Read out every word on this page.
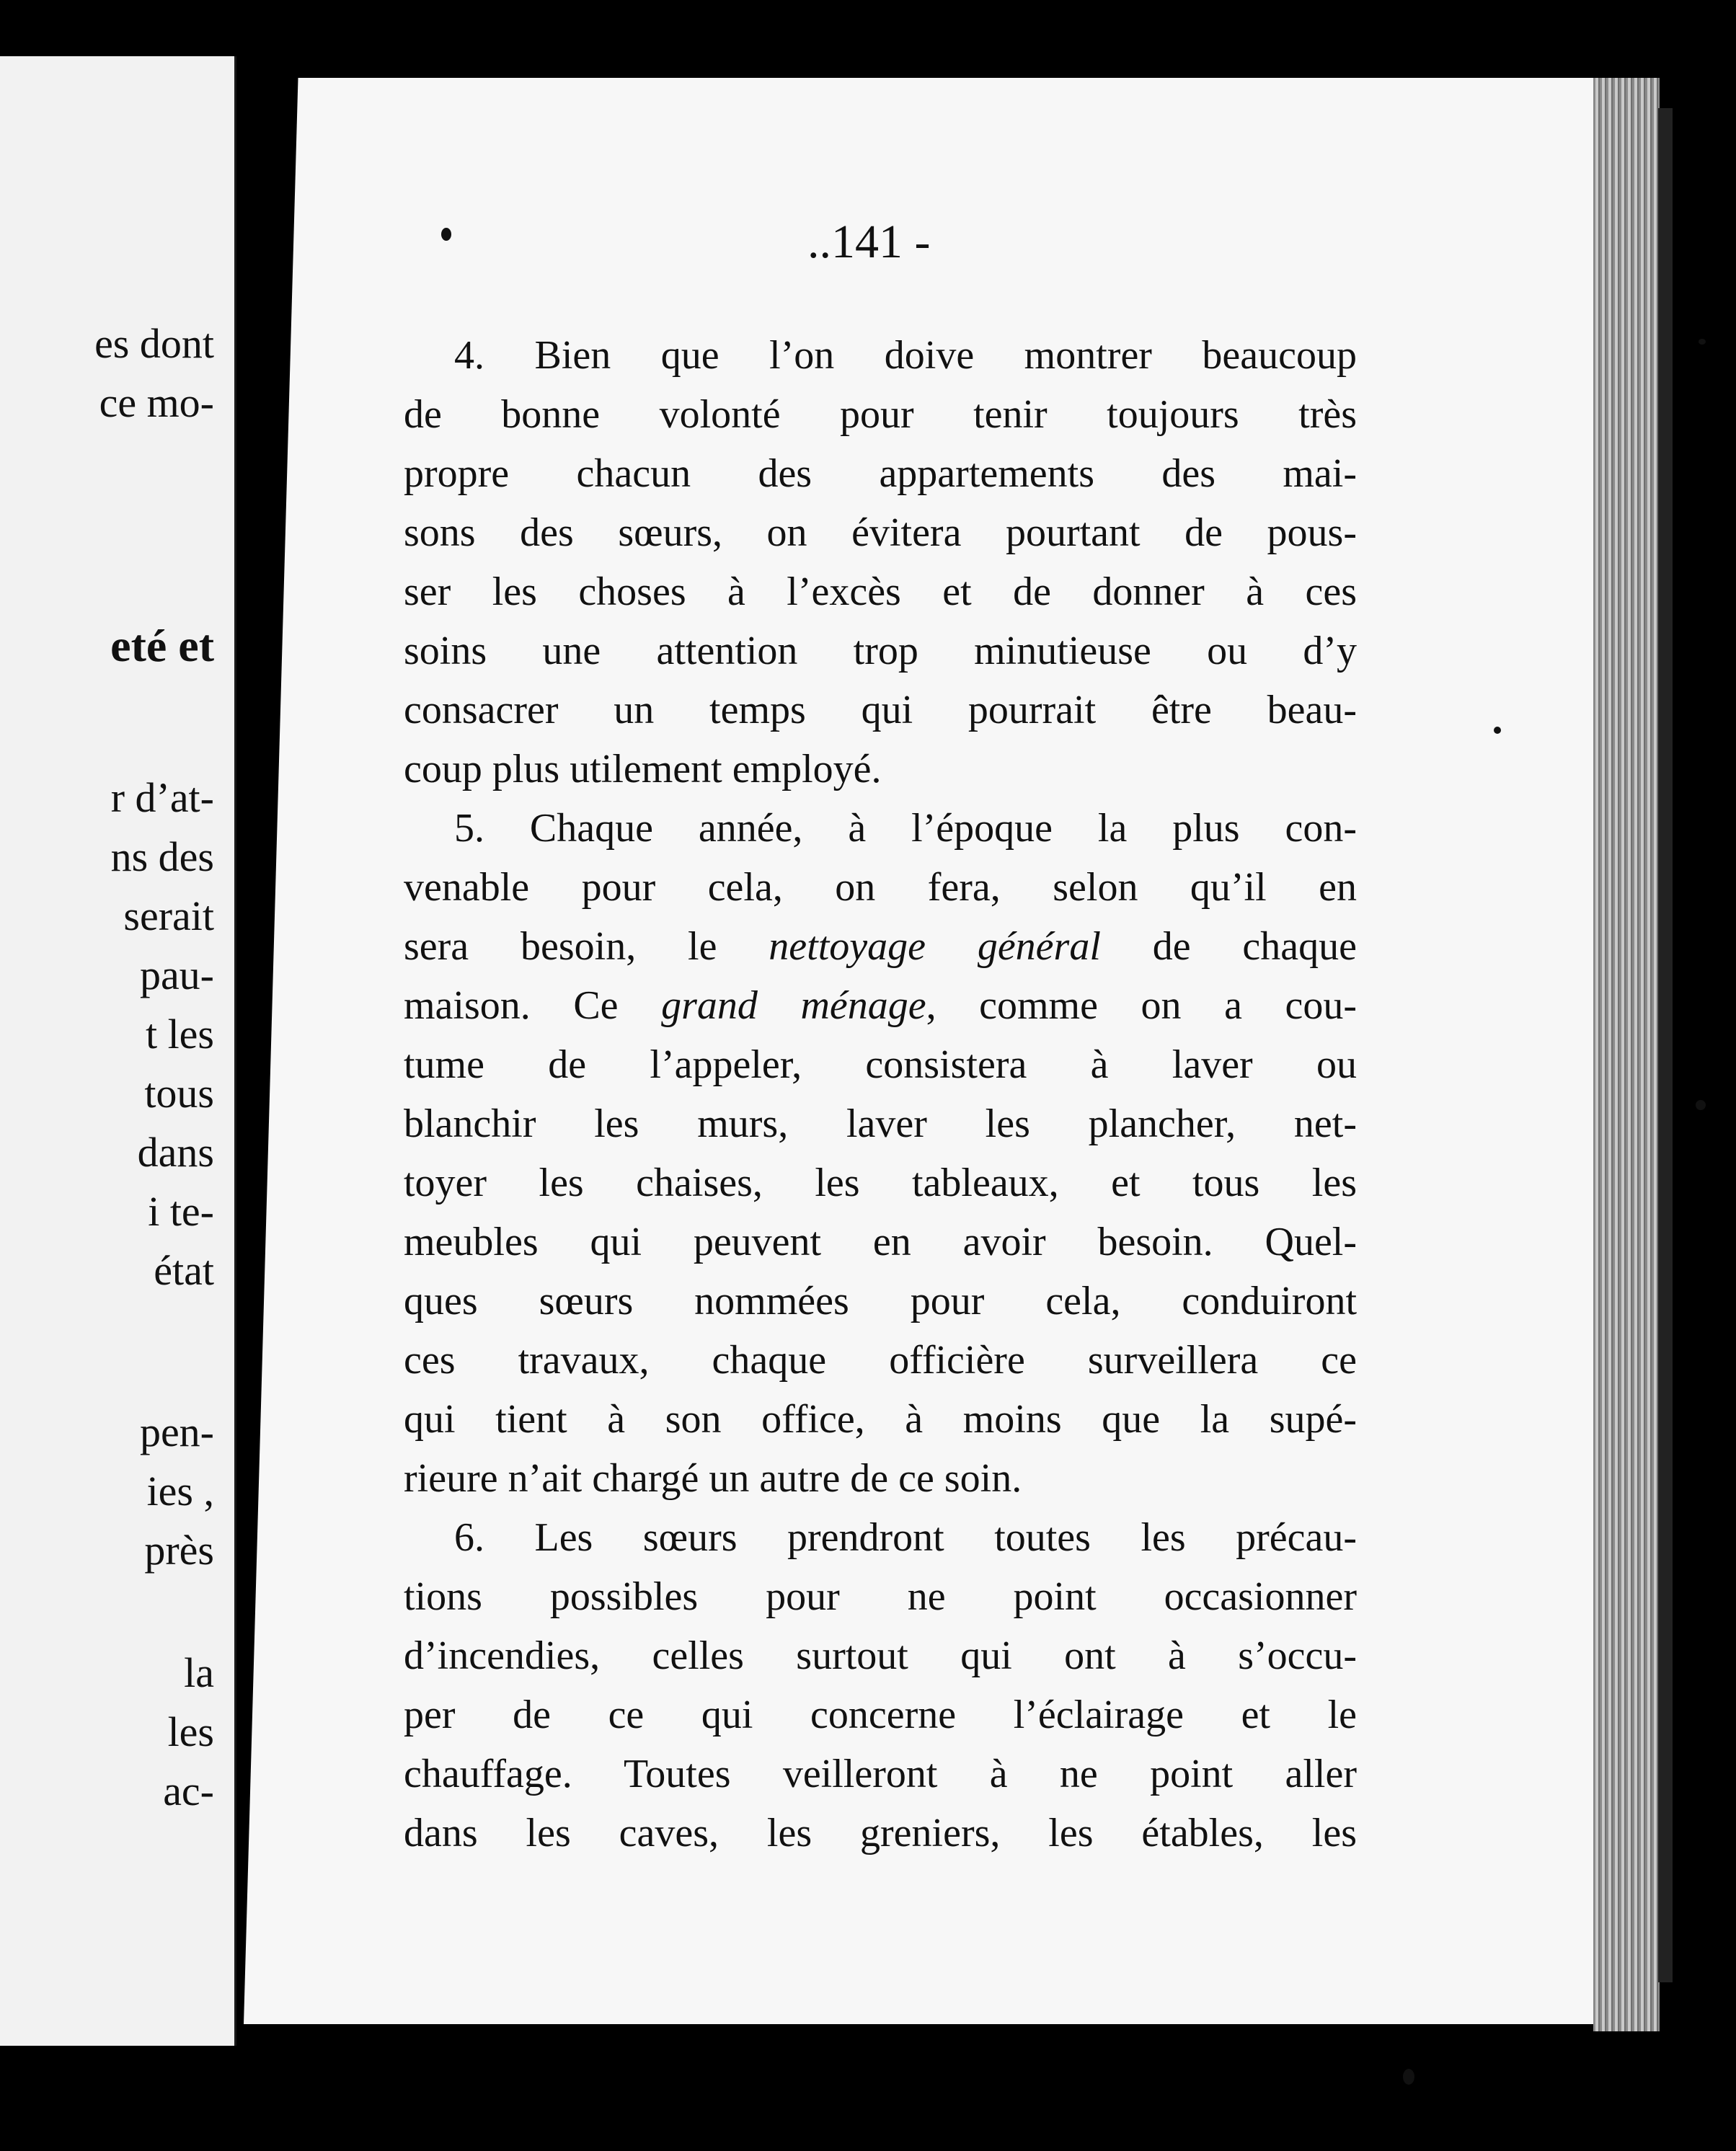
es dont

ce mo-

eté et

r d’at-

ns des

serait

pau-

t les

tous

dans

i te-

état

pen-

ies ,

près

la

les

ac-

..141 -
4. Bien que l’on doive montrer beaucoup
de bonne volonté pour tenir toujours très
propre chacun des appartements des mai-
sons des sœurs, on évitera pourtant de pous-
ser les choses à l’excès et de donner à ces
soins une attention trop minutieuse ou d’y
consacrer un temps qui pourrait être beau-
coup plus utilement employé.
5. Chaque année, à l’époque la plus con-
venable pour cela, on fera, selon qu’il en
sera besoin, le nettoyage général de chaque
maison. Ce grand ménage, comme on a cou-
tume de l’appeler, consistera à laver ou
blanchir les murs, laver les plancher, net-
toyer les chaises, les tableaux, et tous les
meubles qui peuvent en avoir besoin. Quel-
ques sœurs nommées pour cela, conduiront
ces travaux, chaque officière surveillera ce
qui tient à son office, à moins que la supé-
rieure n’ait chargé un autre de ce soin.
6. Les sœurs prendront toutes les précau-
tions possibles pour ne point occasionner
d’incendies, celles surtout qui ont à s’occu-
per de ce qui concerne l’éclairage et le
chauffage. Toutes veilleront à ne point aller
dans les caves, les greniers, les étables, les
